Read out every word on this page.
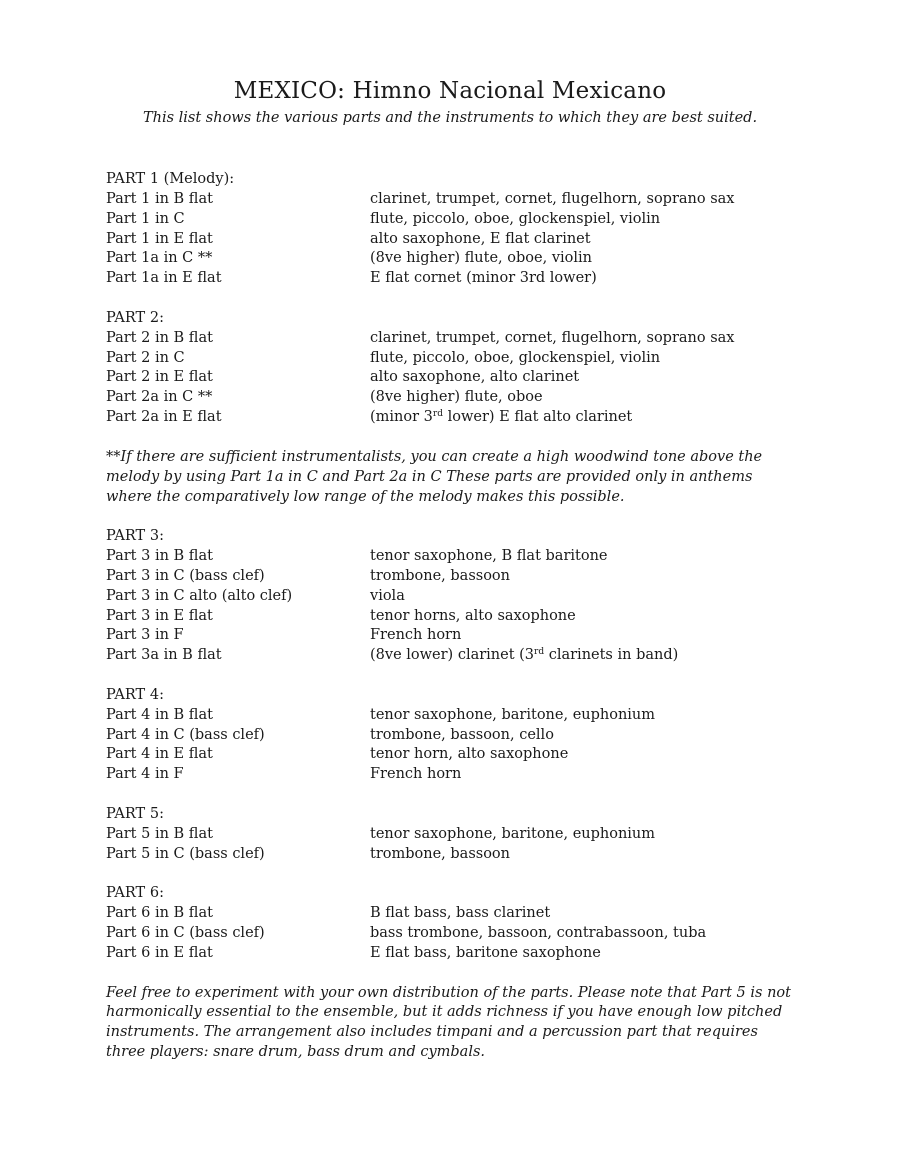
MEXICO: Himno Nacional Mexicano

This list shows the various parts and the instruments to which they are best suited.

PART 1 (Melody):
Part 1 in B flat	clarinet, trumpet, cornet, flugelhorn, soprano sax
Part 1 in C	flute, piccolo, oboe, glockenspiel, violin
Part 1 in E flat	alto saxophone, E flat clarinet
Part 1a in C **	(8ve higher) flute, oboe, violin
Part 1a in E flat	E flat cornet (minor 3rd lower)
PART 2:
Part 2 in B flat	clarinet, trumpet, cornet, flugelhorn, soprano sax
Part 2 in C	flute, piccolo, oboe, glockenspiel, violin
Part 2 in E flat	alto saxophone, alto clarinet
Part 2a in C **	(8ve higher) flute, oboe
Part 2a in E flat	(minor 3rd lower) E flat alto clarinet

**If there are sufficient instrumentalists, you can create a high woodwind tone above the melody by using Part 1a in C and Part 2a in C These parts are provided only in anthems where the comparatively low range of the melody makes this possible.

PART 3:
Part 3 in B flat	tenor saxophone, B flat baritone
Part 3 in C (bass clef)	trombone, bassoon
Part 3 in C alto (alto clef)	viola
Part 3 in E flat	tenor horns, alto saxophone
Part 3 in F	French horn
Part 3a in B flat	(8ve lower) clarinet (3rd clarinets in band)
PART 4:
Part 4 in B flat	tenor saxophone, baritone, euphonium
Part 4 in C (bass clef)	trombone, bassoon, cello
Part 4 in E flat	tenor horn, alto saxophone
Part 4 in F	French horn
PART 5:
Part 5 in B flat	tenor saxophone, baritone, euphonium
Part 5 in C (bass clef)	trombone, bassoon
PART 6:
Part 6 in B flat	B flat bass, bass clarinet
Part 6 in C (bass clef)	bass trombone, bassoon, contrabassoon, tuba
Part 6 in E flat	E flat bass, baritone saxophone

Feel free to experiment with your own distribution of the parts. Please note that Part 5 is not harmonically essential to the ensemble, but it adds richness if you have enough low pitched instruments. The arrangement also includes timpani and a percussion part that requires three players: snare drum, bass drum and cymbals.
